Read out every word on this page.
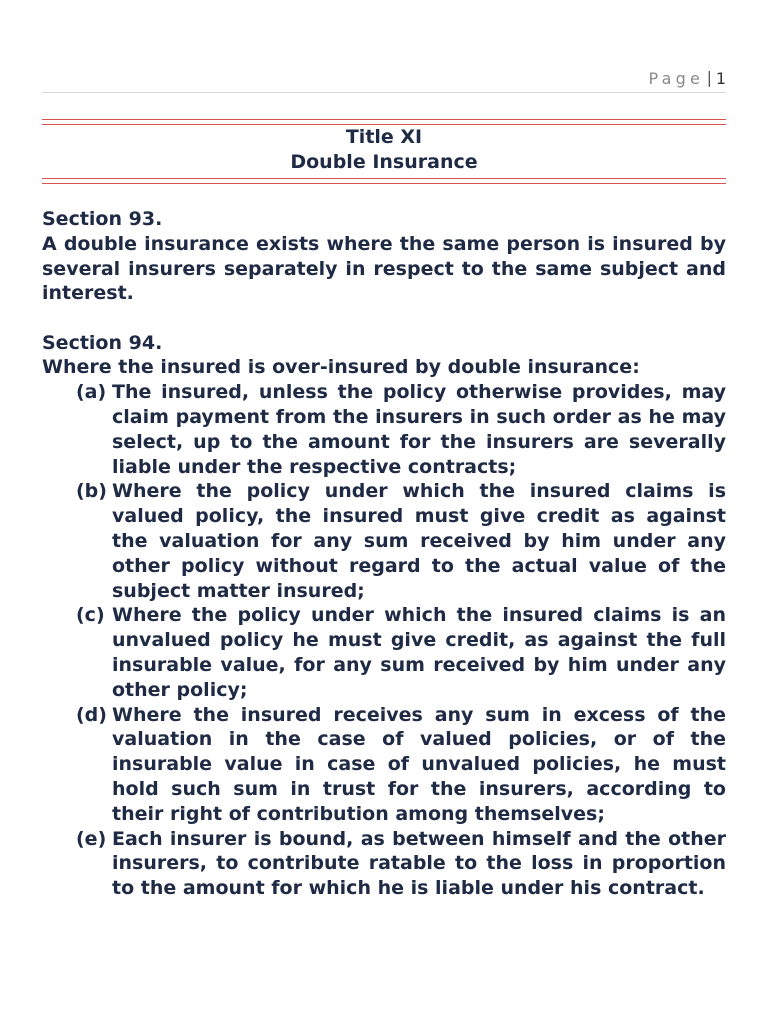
Page | 1
Title XI
Double Insurance
Section 93.
A double insurance exists where the same person is insured by several insurers separately in respect to the same subject and interest.
Section 94.
Where the insured is over-insured by double insurance:
(a) The insured, unless the policy otherwise provides, may claim payment from the insurers in such order as he may select, up to the amount for the insurers are severally liable under the respective contracts;
(b) Where the policy under which the insured claims is valued policy, the insured must give credit as against the valuation for any sum received by him under any other policy without regard to the actual value of the subject matter insured;
(c) Where the policy under which the insured claims is an unvalued policy he must give credit, as against the full insurable value, for any sum received by him under any other policy;
(d) Where the insured receives any sum in excess of the valuation in the case of valued policies, or of the insurable value in case of unvalued policies, he must hold such sum in trust for the insurers, according to their right of contribution among themselves;
(e) Each insurer is bound, as between himself and the other insurers, to contribute ratable to the loss in proportion to the amount for which he is liable under his contract.
